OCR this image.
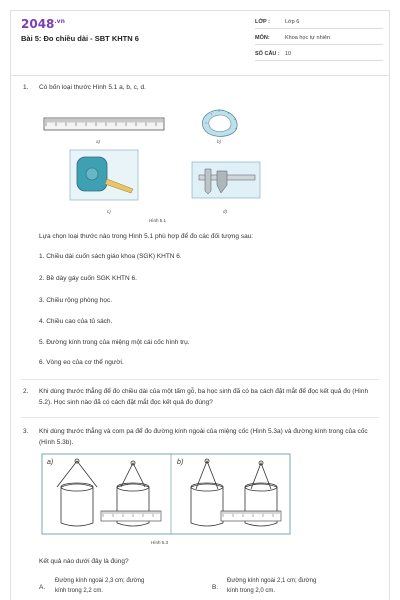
$2048^{.vn}$
Bài 5: Đo chiều dài - SBT KHTN 6
LỚP :	Lớp 6
MÔN:	Khoa học tự nhiên
SỐ CÂU : 10
1. Có bốn loại thước Hình 5.1 a, b, c, d.
a)	b)
c)	d)
Hình 5.1
Lựa chọn loại thước nào trong Hình 5.1 phù hợp để đo các đối tượng sau:
1. Chiều dài cuốn sách giáo khoa (SGK) KHTN 6.
2. Bề dày gáy cuốn SGK KHTN 6.
3. Chiều rộng phòng học.
4. Chiều cao của tủ sách.
5. Đường kính trong của miệng một cái cốc hình trụ.
6. Vòng eo của cơ thể người.
2. Khi dùng thước thẳng để đo chiều dài của một tấm gỗ, ba học sinh đã có ba cách đặt mắt để đọc kết quả đo (Hình 5.2). Học sinh nào đã có cách đặt mắt đọc kết quả đo đúng?
3. Khi dùng thước thẳng và com pa để đo đường kính ngoài của miệng cốc (Hình 5.3a) và đường kính trong của cốc (Hình 5.3b).
a)	b)
Hình 5.3
Kết quả nào dưới đây là đúng?
A.
Đường kính ngoài 2,3 cm; đường kính trong 2,2 cm.	B.
Đường kính ngoài 2,1 cm; đường kính trong 2,0 cm.
